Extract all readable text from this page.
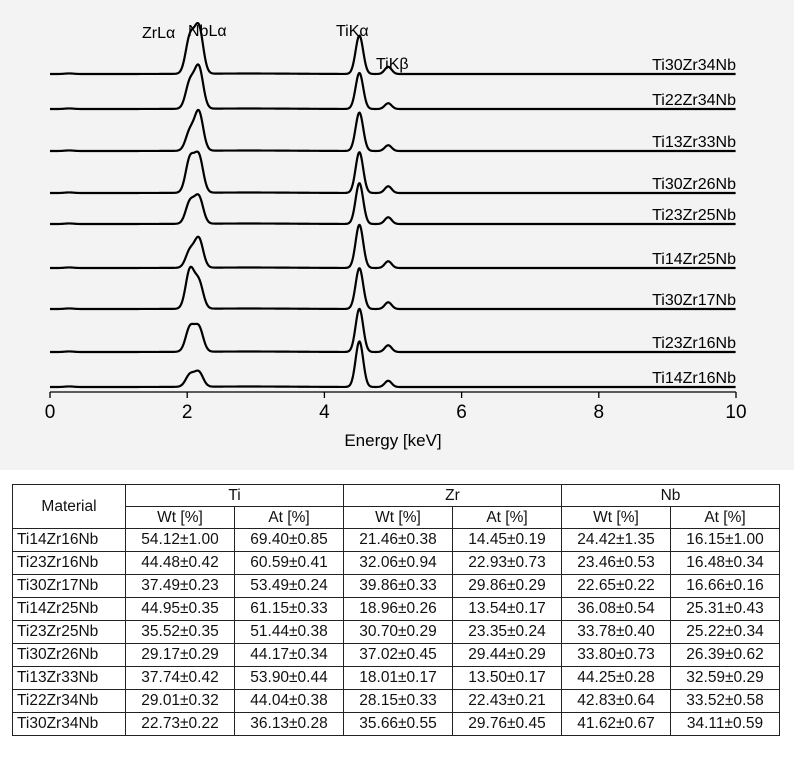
0	2	4	6	8	10
Energy [keV]
Ti30Zr34Nb
Ti22Zr34Nb
Ti13Zr33Nb
Ti30Zr26Nb
Ti23Zr25Nb
Ti14Zr25Nb
Ti30Zr17Nb
Ti23Zr16Nb
Ti14Zr16Nb
ZrLα NbLα	TiKα
TiKβ
Material	Ti		Zr		Nb	
	Wt [%]	At [%]	Wt [%]	At [%]	Wt [%]	At [%]
Ti14Zr16Nb	54.12±1.00	69.40±0.85	21.46±0.38	14.45±0.19	24.42±1.35	16.15±1.00
Ti23Zr16Nb	44.48±0.42	60.59±0.41	32.06±0.94	22.93±0.73	23.46±0.53	16.48±0.34
Ti30Zr17Nb	37.49±0.23	53.49±0.24	39.86±0.33	29.86±0.29	22.65±0.22	16.66±0.16
Ti14Zr25Nb	44.95±0.35	61.15±0.33	18.96±0.26	13.54±0.17	36.08±0.54	25.31±0.43
Ti23Zr25Nb	35.52±0.35	51.44±0.38	30.70±0.29	23.35±0.24	33.78±0.40	25.22±0.34
Ti30Zr26Nb	29.17±0.29	44.17±0.34	37.02±0.45	29.44±0.29	33.80±0.73	26.39±0.62
Ti13Zr33Nb	37.74±0.42	53.90±0.44	18.01±0.17	13.50±0.17	44.25±0.28	32.59±0.29
Ti22Zr34Nb	29.01±0.32	44.04±0.38	28.15±0.33	22.43±0.21	42.83±0.64	33.52±0.58
Ti30Zr34Nb	22.73±0.22	36.13±0.28	35.66±0.55	29.76±0.45	41.62±0.67	34.11±0.59
